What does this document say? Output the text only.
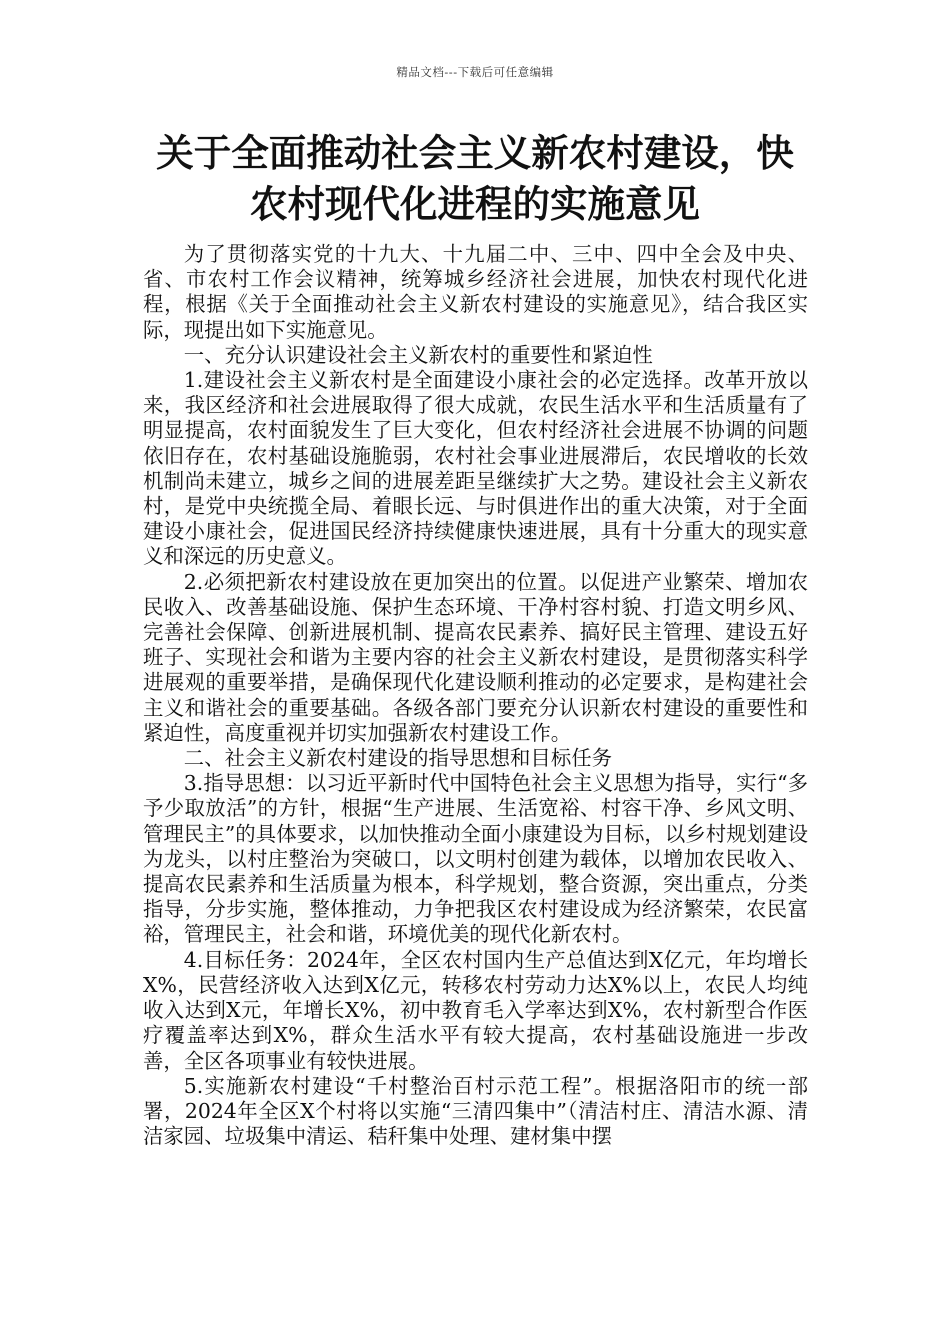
精品文档---下载后可任意编辑
关于全面推动社会主义新农村建设，快
农村现代化进程的实施意见

为了贯彻落实党的十九大、十九届二中、三中、四中全会及中央、省、市农村工作会议精神，统筹城乡经济社会进展，加快农村现代化进程，根据《关于全面推动社会主义新农村建设的实施意见》，结合我区实际，现提出如下实施意见。

一、充分认识建设社会主义新农村的重要性和紧迫性

1.建设社会主义新农村是全面建设小康社会的必定选择。改革开放以来，我区经济和社会进展取得了很大成就，农民生活水平和生活质量有了明显提高，农村面貌发生了巨大变化，但农村经济社会进展不协调的问题依旧存在，农村基础设施脆弱，农村社会事业进展滞后，农民增收的长效机制尚未建立，城乡之间的进展差距呈继续扩大之势。建设社会主义新农村，是党中央统揽全局、着眼长远、与时俱进作出的重大决策，对于全面建设小康社会，促进国民经济持续健康快速进展，具有十分重大的现实意义和深远的历史意义。

2.必须把新农村建设放在更加突出的位置。以促进产业繁荣、增加农民收入、改善基础设施、保护生态环境、干净村容村貌、打造文明乡风、完善社会保障、创新进展机制、提高农民素养、搞好民主管理、建设五好班子、实现社会和谐为主要内容的社会主义新农村建设，是贯彻落实科学进展观的重要举措，是确保现代化建设顺利推动的必定要求，是构建社会主义和谐社会的重要基础。各级各部门要充分认识新农村建设的重要性和紧迫性，高度重视并切实加强新农村建设工作。

二、社会主义新农村建设的指导思想和目标任务

3.指导思想：以习近平新时代中国特色社会主义思想为指导，实行“多予少取放活”的方针，根据“生产进展、生活宽裕、村容干净、乡风文明、管理民主”的具体要求，以加快推动全面小康建设为目标，以乡村规划建设为龙头，以村庄整治为突破口，以文明村创建为载体，以增加农民收入、提高农民素养和生活质量为根本，科学规划，整合资源，突出重点，分类指导，分步实施，整体推动，力争把我区农村建设成为经济繁荣，农民富裕，管理民主，社会和谐，环境优美的现代化新农村。

4.目标任务：2024年，全区农村国内生产总值达到X亿元，年均增长X%，民营经济收入达到X亿元，转移农村劳动力达X%以上，农民人均纯收入达到X元，年增长X%，初中教育毛入学率达到X%，农村新型合作医疗覆盖率达到X%，群众生活水平有较大提高，农村基础设施进一步改善，全区各项事业有较快进展。

5.实施新农村建设“千村整治百村示范工程”。根据洛阳市的统一部署，2024年全区X个村将以实施“三清四集中”（清洁村庄、清洁水源、清洁家园、垃圾集中清运、秸秆集中处理、建材集中摆
